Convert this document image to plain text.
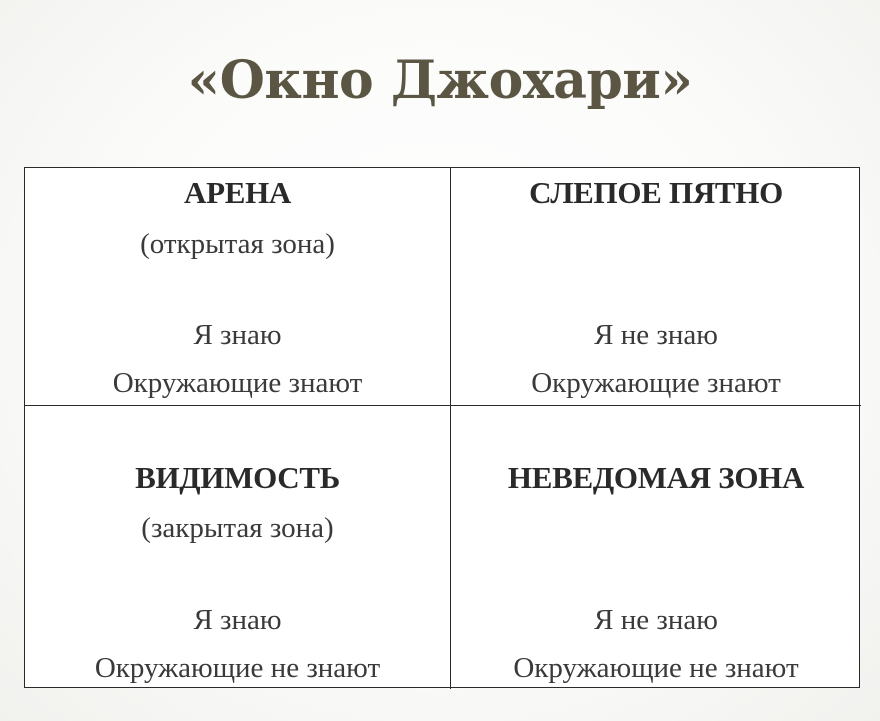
«Окно Джохари»
АРЕНА
(открытая зона)
Я знаю
Окружающие знают
СЛЕПОЕ ПЯТНО
Я не знаю
Окружающие знают
ВИДИМОСТЬ
(закрытая зона)
Я знаю
Окружающие не знают
НЕВЕДОМАЯ ЗОНА
Я не знаю
Окружающие не знают
